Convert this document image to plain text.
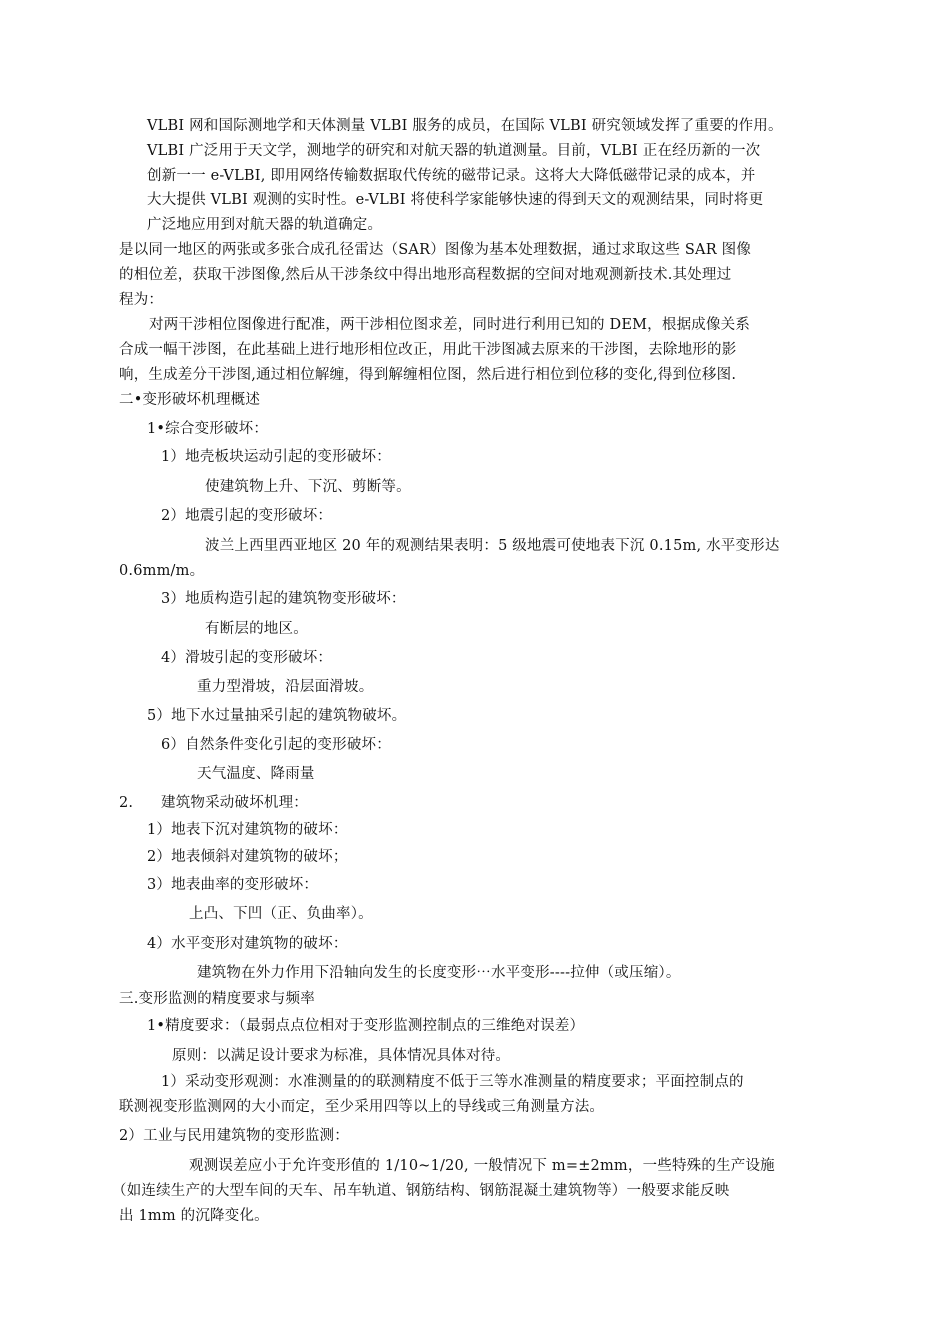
VLBI 网和国际测地学和天体测量 VLBI 服务的成员，在国际 VLBI 研究领域发挥了重要的作用。
VLBI 广泛用于天文学，测地学的研究和对航天器的轨道测量。目前，VLBI 正在经历新的一次
创新一一 e-VLBI, 即用网络传输数据取代传统的磁带记录。这将大大降低磁带记录的成本，并
大大提供 VLBI 观测的实时性。e-VLBI 将使科学家能够快速的得到天文的观测结果，同时将更
广泛地应用到对航天器的轨道确定。
是以同一地区的两张或多张合成孔径雷达（SAR）图像为基本处理数据，通过求取这些 SAR 图像
的相位差，获取干涉图像,然后从干涉条纹中得出地形高程数据的空间对地观测新技术.其处理过
程为：
对两干涉相位图像进行配准，两干涉相位图求差，同时进行利用已知的 DEM，根据成像关系
合成一幅干涉图，在此基础上进行地形相位改正，用此干涉图减去原来的干涉图，去除地形的影
响，生成差分干涉图,通过相位解缠，得到解缠相位图，然后进行相位到位移的变化,得到位移图.
二•变形破坏机理概述
1•综合变形破坏：
1）地壳板块运动引起的变形破坏：
使建筑物上升、下沉、剪断等。
2）地震引起的变形破坏：
波兰上西里西亚地区 20 年的观测结果表明：5 级地震可使地表下沉 0.15m, 水平变形达
0.6mm/m。
3）地质构造引起的建筑物变形破坏：
有断层的地区。
4）滑坡引起的变形破坏：
重力型滑坡，沿层面滑坡。
5）地下水过量抽采引起的建筑物破坏。
6）自然条件变化引起的变形破坏：
天气温度、降雨量
2. 建筑物采动破坏机理：
1）地表下沉对建筑物的破坏：
2）地表倾斜对建筑物的破坏；
3）地表曲率的变形破坏：
上凸、下凹（正、负曲率）。
4）水平变形对建筑物的破坏：
建筑物在外力作用下沿轴向发生的长度变形⋯水平变形----拉伸（或压缩）。
三.变形监测的精度要求与频率
1•精度要求：（最弱点点位相对于变形监测控制点的三维绝对误差）
原则：以满足设计要求为标准，具体情况具体对待。
1）采动变形观测：水准测量的的联测精度不低于三等水准测量的精度要求；平面控制点的
联测视变形监测网的大小而定，至少采用四等以上的导线或三角测量方法。
2）工业与民用建筑物的变形监测：
观测误差应小于允许变形值的 1/10~1/20, 一般情况下 m=±2mm，一些特殊的生产设施
（如连续生产的大型车间的天车、吊车轨道、钢筋结构、钢筋混凝土建筑物等）一般要求能反映
出 1mm 的沉降变化。
